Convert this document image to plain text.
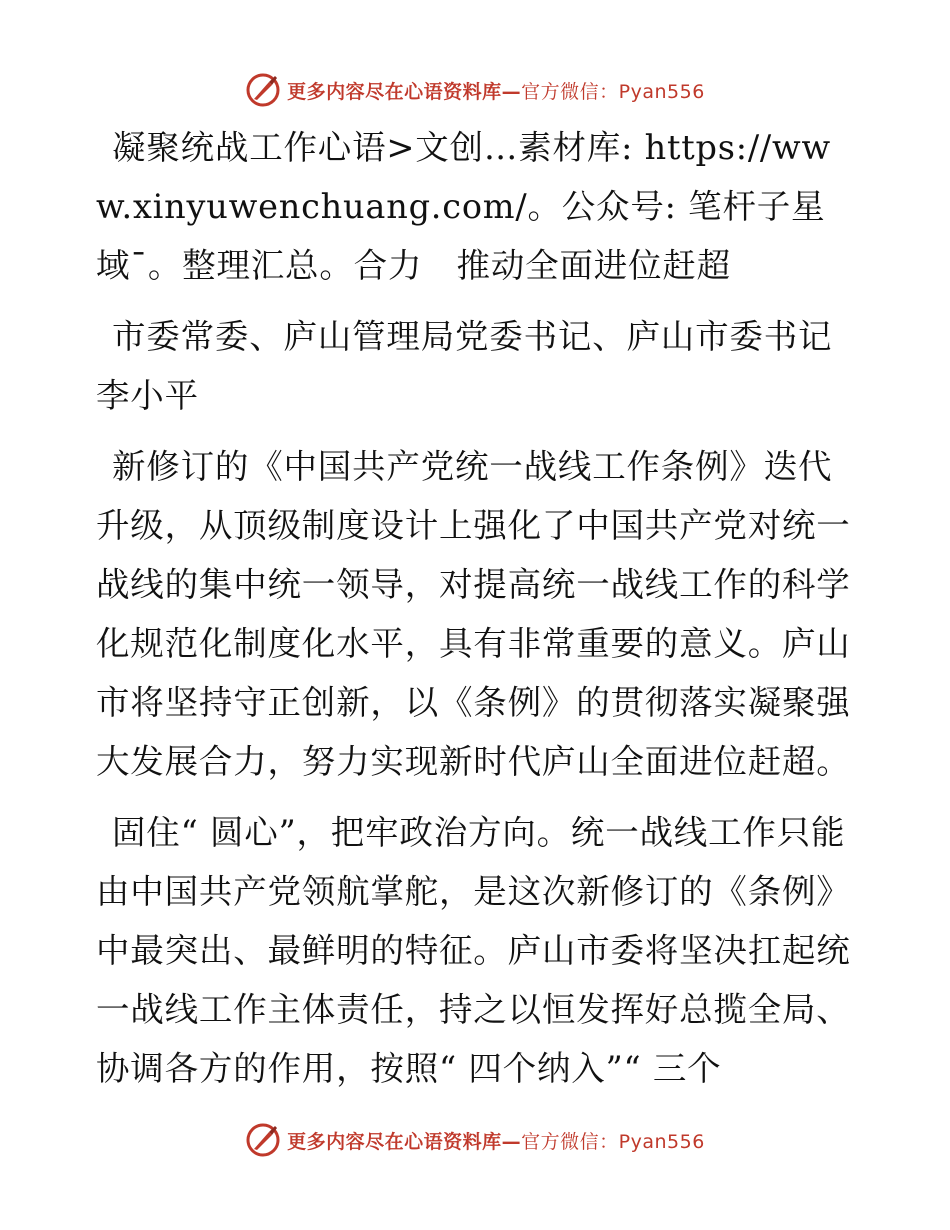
更多内容尽在心语资料库—官方微信：Pyan556

凝聚统战工作心语>文创…素材库: https://www.xinyuwenchuang.com/。公众号: 笔杆子星域¯。整理汇总。合力　推动全面进位赶超

市委常委、庐山管理局党委书记、庐山市委书记李小平

新修订的《中国共产党统一战线工作条例》迭代升级，从顶级制度设计上强化了中国共产党对统一战线的集中统一领导，对提高统一战线工作的科学化规范化制度化水平，具有非常重要的意义。庐山市将坚持守正创新，以《条例》的贯彻落实凝聚强大发展合力，努力实现新时代庐山全面进位赶超。

固住“ 圆心”，把牢政治方向。统一战线工作只能由中国共产党领航掌舵，是这次新修订的《条例》中最突出、最鲜明的特征。庐山市委将坚决扛起统一战线工作主体责任，持之以恒发挥好总揽全局、协调各方的作用，按照“ 四个纳入”“ 三个

更多内容尽在心语资料库—官方微信：Pyan556
